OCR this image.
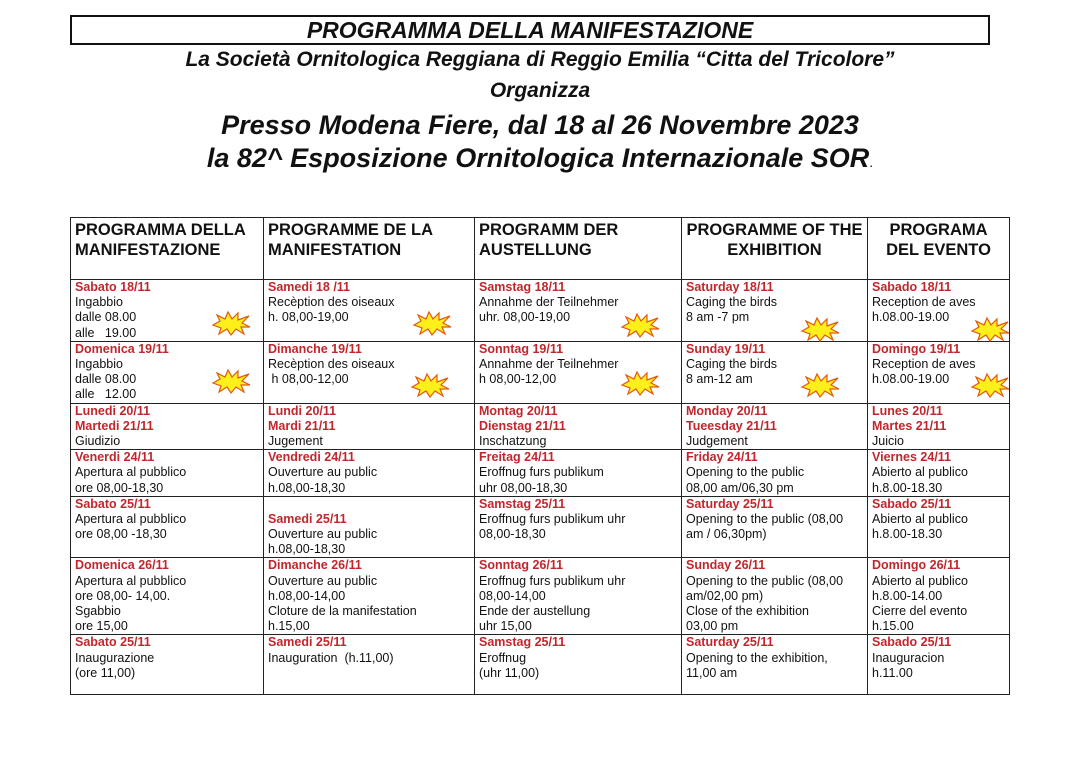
PROGRAMMA DELLA MANIFESTAZIONE
La Società Ornitologica Reggiana di Reggio Emilia “Citta del Tricolore”
Organizza
Presso Modena Fiere, dal 18 al 26 Novembre 2023
la 82^ Esposizione Ornitologica Internazionale SOR.
PROGRAMMA DELLA MANIFESTAZIONE	PROGRAMME DE LA MANIFESTATION	PROGRAMM DER AUSTELLUNG	PROGRAMME OF THE EXHIBITION	PROGRAMA DEL EVENTO

Sabato 18/11
Ingabbio
dalle 08.00
alle   19.00	Samedi 18 /11
Recèption des oiseaux
h. 08,00-19,00	Samstag 18/11
Annahme der Teilnehmer
uhr. 08,00-19,00	Saturday 18/11
Caging the birds
8 am -7 pm	Sabado 18/11
Reception de aves
h.08.00-19.00

Domenica 19/11
Ingabbio
dalle 08.00
alle   12.00	Dimanche 19/11
Recèption des oiseaux
h 08,00-12,00	Sonntag 19/11
Annahme der Teilnehmer
h 08,00-12,00	Sunday 19/11
Caging the birds
8 am-12 am	Domingo 19/11
Reception de aves
h.08.00-19.00

Lunedi 20/11
Martedi 21/11
Giudizio	Lundi 20/11
Mardi 21/11
Jugement	Montag 20/11
Dienstag 21/11
Inschatzung	Monday 20/11
Tueesday 21/11
Judgement	Lunes 20/11
Martes 21/11
Juicio

Venerdi 24/11
Apertura al pubblico
ore 08,00-18,30	Vendredi 24/11
Ouverture au public
h.08,00-18,30	Freitag 24/11
Eroffnug furs publikum
uhr 08,00-18,30	Friday 24/11
Opening to the public
08,00 am/06,30 pm	Viernes 24/11
Abierto al publico
h.8.00-18.30

Sabato 25/11
Apertura al pubblico
ore 08,00 -18,30	Samedi 25/11
Ouverture au public
h.08,00-18,30	Samstag 25/11
Eroffnug furs publikum uhr
08,00-18,30	Saturday 25/11
Opening to the public (08,00
am / 06,30pm)	Sabado 25/11
Abierto al publico
h.8.00-18.30

Domenica 26/11
Apertura al pubblico
ore 08,00- 14,00.
Sgabbio
ore 15,00	Dimanche 26/11
Ouverture au public
h.08,00-14,00
Cloture de la manifestation
h.15,00	Sonntag 26/11
Eroffnug furs publikum uhr
08,00-14,00
Ende der austellung
uhr 15,00	Sunday 26/11
Opening to the public (08,00
am/02,00 pm)
Close of the exhibition
03,00 pm	Domingo 26/11
Abierto al publico
h.8.00-14.00
Cierre del evento
h.15.00

Sabato 25/11
Inaugurazione
(ore 11,00)	Samedi 25/11
Inauguration  (h.11,00)	Samstag 25/11
Eroffnug
(uhr 11,00)	Saturday 25/11
Opening to the exhibition,
11,00 am	Sabado 25/11
Inauguracion
h.11.00
